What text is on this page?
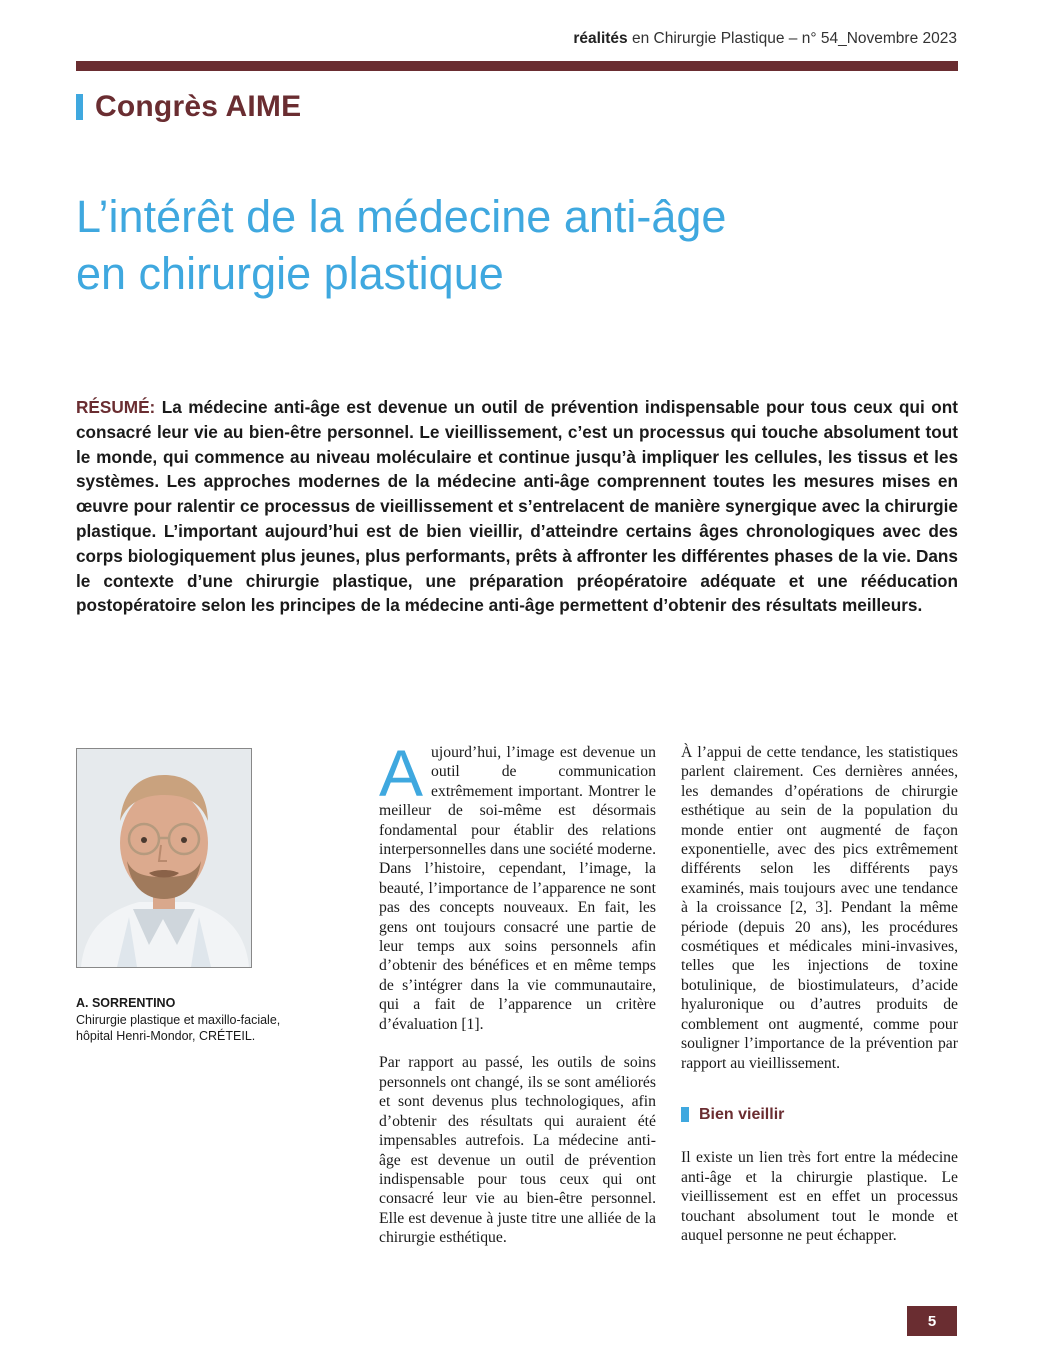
réalités en Chirurgie Plastique – n° 54_Novembre 2023
Congrès AIME
L’intérêt de la médecine anti-âge
en chirurgie plastique
RÉSUMÉ: La médecine anti-âge est devenue un outil de prévention indispensable pour tous ceux qui ont consacré leur vie au bien-être personnel. Le vieillissement, c’est un processus qui touche absolument tout le monde, qui commence au niveau moléculaire et continue jusqu’à impliquer les cellules, les tissus et les systèmes. Les approches modernes de la médecine anti-âge comprennent toutes les mesures mises en œuvre pour ralentir ce processus de vieillissement et s’entrelacent de manière synergique avec la chirurgie plastique. L’important aujourd’hui est de bien vieillir, d’atteindre certains âges chronologiques avec des corps biologiquement plus jeunes, plus performants, prêts à affronter les différentes phases de la vie. Dans le contexte d’une chirurgie plastique, une préparation préopératoire adéquate et une rééducation postopératoire selon les principes de la médecine anti-âge permettent d’obtenir des résultats meilleurs.
A. SORRENTINO
Chirurgie plastique et maxillo-faciale,
hôpital Henri-Mondor, CRÉTEIL.

Aujourd’hui, l’image est devenue un outil de communication extrêmement important. Montrer le meilleur de soi-même est désormais fondamental pour établir des relations interpersonnelles dans une société moderne. Dans l’histoire, cependant, l’image, la beauté, l’importance de l’apparence ne sont pas des concepts nouveaux. En fait, les gens ont toujours consacré une partie de leur temps aux soins personnels afin d’obtenir des bénéfices et en même temps de s’intégrer dans la vie communautaire, qui a fait de l’apparence un critère d’évaluation [1].

Par rapport au passé, les outils de soins personnels ont changé, ils se sont améliorés et sont devenus plus technologiques, afin d’obtenir des résultats qui auraient été impensables autrefois. La médecine anti-âge est devenue un outil de prévention indispensable pour tous ceux qui ont consacré leur vie au bien-être personnel. Elle est devenue à juste titre une alliée de la chirurgie esthétique.

À l’appui de cette tendance, les statistiques parlent clairement. Ces dernières années, les demandes d’opérations de chirurgie esthétique au sein de la population du monde entier ont augmenté de façon exponentielle, avec des pics extrêmement différents selon les différents pays examinés, mais toujours avec une tendance à la croissance [2, 3]. Pendant la même période (depuis 20 ans), les procédures cosmétiques et médicales mini-invasives, telles que les injections de toxine botulinique, de biostimulateurs, d’acide hyaluronique ou d’autres produits de comblement ont augmenté, comme pour souligner l’importance de la prévention par rapport au vieillissement.

Bien vieillir

Il existe un lien très fort entre la médecine anti-âge et la chirurgie plastique. Le vieillissement est en effet un processus touchant absolument tout le monde et auquel personne ne peut échapper.

5
